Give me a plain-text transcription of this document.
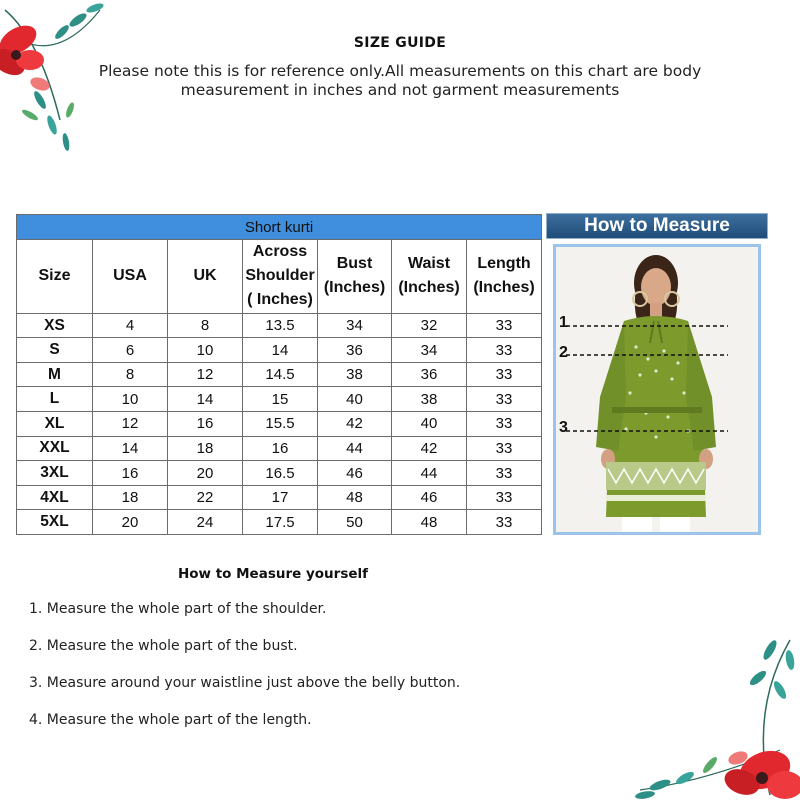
SIZE GUIDE
Please note this is for reference only.All measurements on this chart are body measurement in inches and not garment measurements
Short kurti						
Size	USA	UK	Across Shoulder ( Inches)	Bust (Inches)	Waist (Inches)	Length (Inches)
XS	4	8	13.5	34	32	33
S	6	10	14	36	34	33
M	8	12	14.5	38	36	33
L	10	14	15	40	38	33
XL	12	16	15.5	42	40	33
XXL	14	18	16	44	42	33
3XL	16	20	16.5	46	44	33
4XL	18	22	17	48	46	33
5XL	20	24	17.5	50	48	33
How to Measure
1
2
3
How to Measure yourself
1. Measure the whole part of the shoulder.
2. Measure the whole part of the bust.
3. Measure around your waistline just above the belly button.
4. Measure the whole part of the length.
